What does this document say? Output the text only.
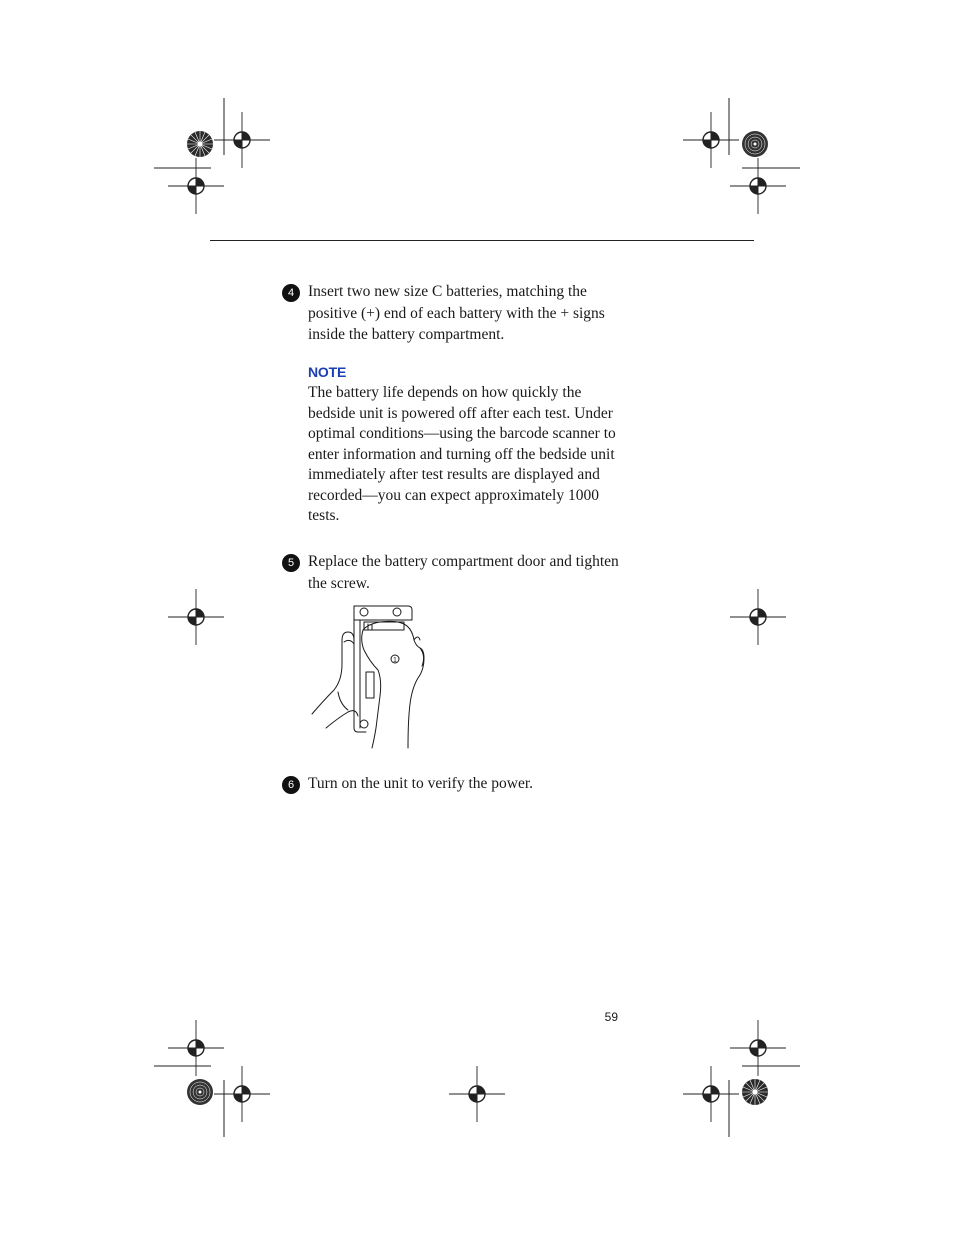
4 Insert two new size C batteries, matching the positive (+) end of each battery with the + signs inside the battery compartment.
NOTE
The battery life depends on how quickly the bedside unit is powered off after each test. Under optimal conditions—using the barcode scanner to enter information and turning off the bedside unit immediately after test results are displayed and recorded—you can expect approximately 1000 tests.
5 Replace the battery compartment door and tighten the screw.
1
6 Turn on the unit to verify the power.
59
